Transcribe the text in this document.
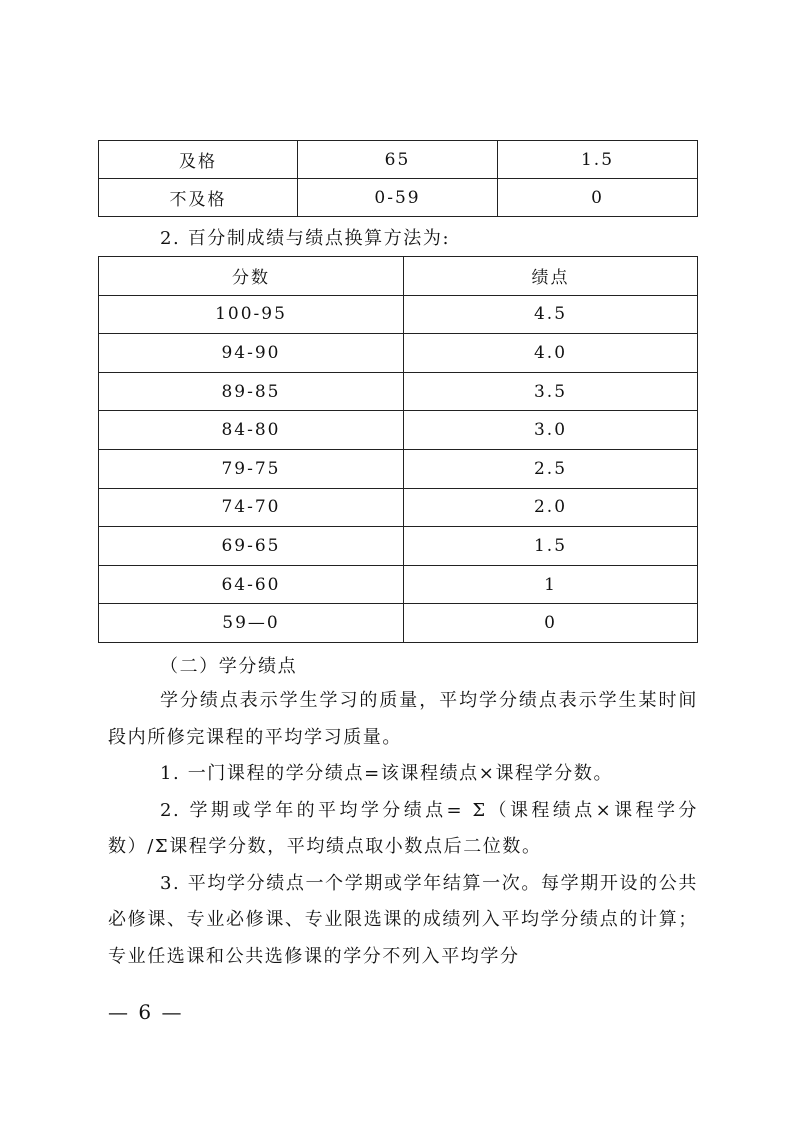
及格	65	1.5
不及格	0-59	0
2. 百分制成绩与绩点换算方法为:
分数	绩点
100-95	4.5
94-90	4.0
89-85	3.5
84-80	3.0
79-75	2.5
74-70	2.0
69-65	1.5
64-60	1
59—0	0
（二）学分绩点
学分绩点表示学生学习的质量，平均学分绩点表示学生某时间段内所修完课程的平均学习质量。
1. 一门课程的学分绩点=该课程绩点×课程学分数。
2. 学期或学年的平均学分绩点= Σ（课程绩点×课程学分数）/Σ课程学分数，平均绩点取小数点后二位数。
3. 平均学分绩点一个学期或学年结算一次。每学期开设的公共必修课、专业必修课、专业限选课的成绩列入平均学分绩点的计算；专业任选课和公共选修课的学分不列入平均学分
— 6 —
